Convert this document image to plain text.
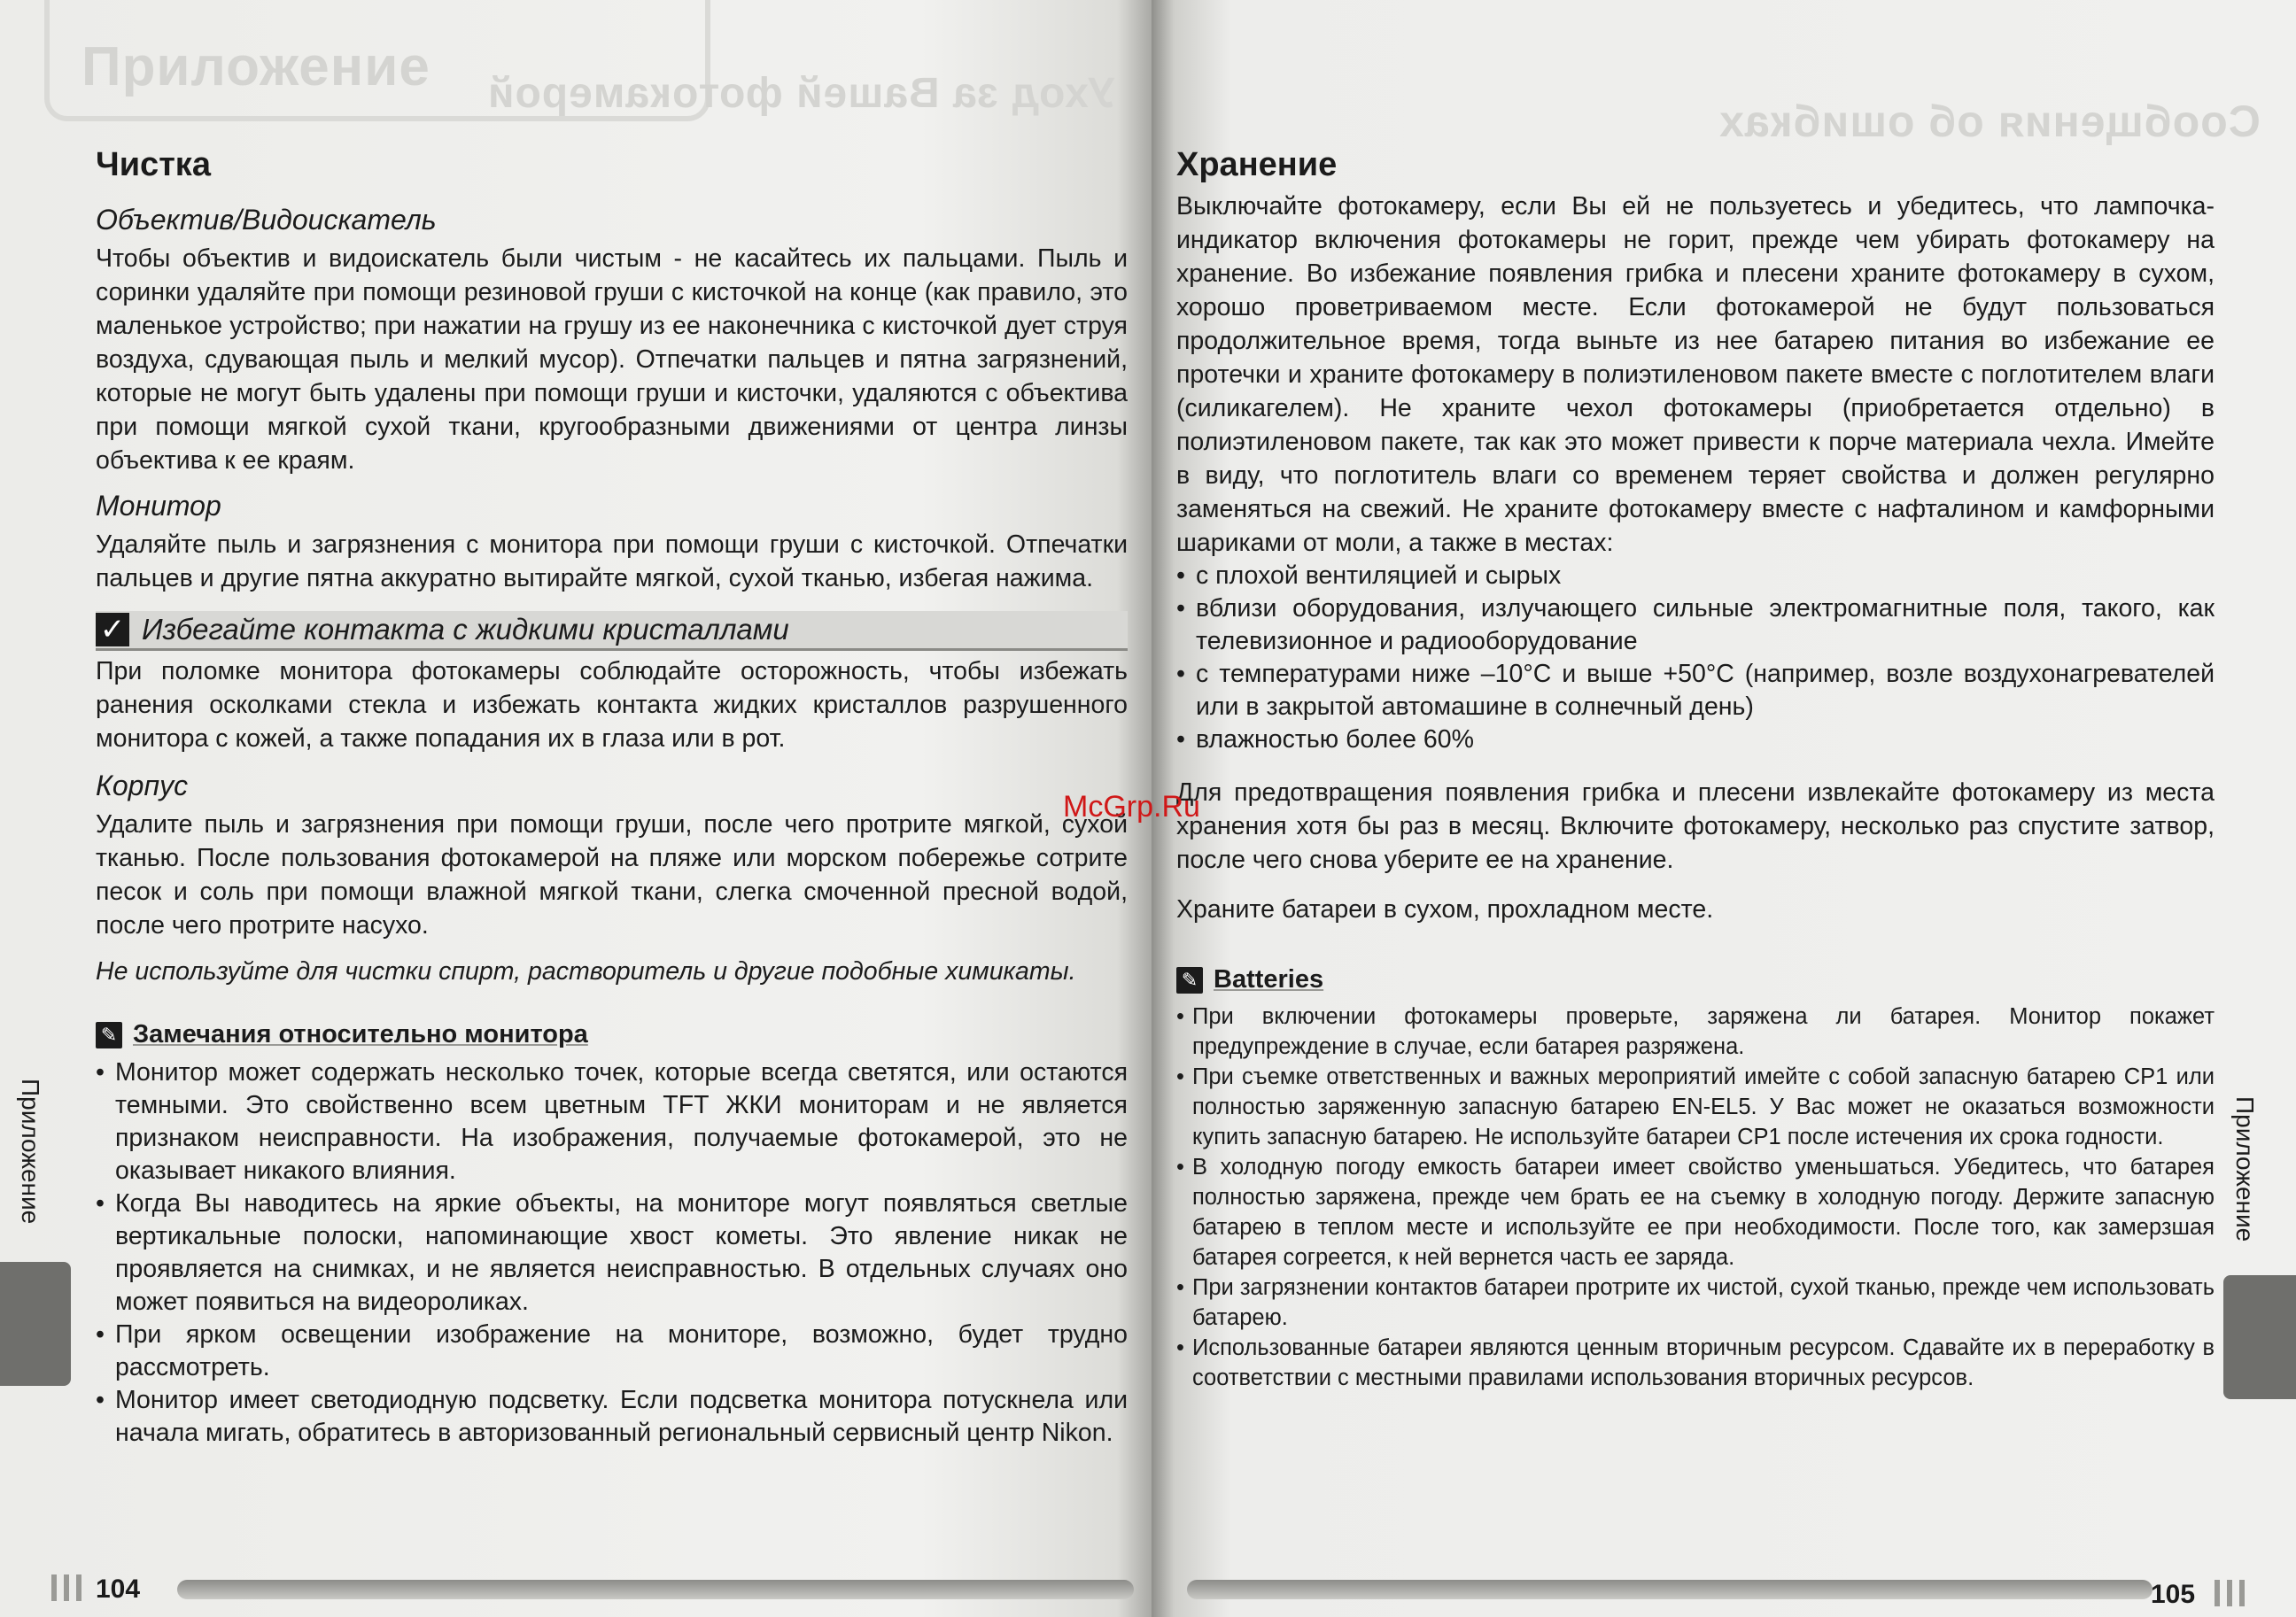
Приложение Уход за Вашей фотокамерой
Чистка
Объектив/Видоискатель

Чтобы объектив и видоискатель были чистым - не касайтесь их пальцами. Пыль и соринки удаляйте при помощи резиновой груши с кисточкой на конце (как правило, это маленькое устройство; при нажатии на грушу из ее наконечника с кисточкой дует струя воздуха, сдувающая пыль и мелкий мусор). Отпечатки пальцев и пятна загрязнений, которые не могут быть удалены при помощи груши и кисточки, удаляются с объектива при помощи мягкой сухой ткани, кругообразными движениями от центра линзы объектива к ее краям.

Монитор

Удаляйте пыль и загрязнения с монитора при помощи груши с кисточкой. Отпечатки пальцев и другие пятна аккуратно вытирайте мягкой, сухой тканью, избегая нажима.

✓ Избегайте контакта с жидкими кристаллами

При поломке монитора фотокамеры соблюдайте осторожность, чтобы избежать ранения осколками стекла и избежать контакта жидких кристаллов разрушенного монитора с кожей, а также попадания их в глаза или в рот.

Корпус

Удалите пыль и загрязнения при помощи груши, после чего протрите мягкой, сухой тканью. После пользования фотокамерой на пляже или морском побережье сотрите песок и соль при помощи влажной мягкой ткани, слегка смоченной пресной водой, после чего протрите насухо.

Не используйте для чистки спирт, растворитель и другие подобные химикаты.

✎ Замечания относительно монитора
• Монитор может содержать несколько точек, которые всегда светятся, или остаются темными. Это свойственно всем цветным TFT ЖКИ мониторам и не является признаком неисправности. На изображения, получаемые фотокамерой, это не оказывает никакого влияния.
• Когда Вы наводитесь на яркие объекты, на мониторе могут появляться светлые вертикальные полоски, напоминающие хвост кометы. Это явление никак не проявляется на снимках, и не является неисправностью. В отдельных случаях оно может появиться на видеороликах.
• При ярком освещении изображение на мониторе, возможно, будет трудно рассмотреть.
• Монитор имеет светодиодную подсветку. Если подсветка монитора потускнела или начала мигать, обратитесь в авторизованный региональный сервисный центр Nikon.
Приложение
104
Сообщения об ошибках
Хранение

Выключайте фотокамеру, если Вы ей не пользуетесь и убедитесь, что лампочка-индикатор включения фотокамеры не горит, прежде чем убирать фотокамеру на хранение. Во избежание появления грибка и плесени храните фотокамеру в сухом, хорошо проветриваемом месте. Если фотокамерой не будут пользоваться продолжительное время, тогда выньте из нее батарею питания во избежание ее протечки и храните фотокамеру в полиэтиленовом пакете вместе с поглотителем влаги (силикагелем). Не храните чехол фотокамеры (приобретается отдельно) в полиэтиленовом пакете, так как это может привести к порче материала чехла. Имейте в виду, что поглотитель влаги со временем теряет свойства и должен регулярно заменяться на свежий. Не храните фотокамеру вместе с нафталином и камфорными шариками от моли, а также в местах:

• с плохой вентиляцией и сырых
• вблизи оборудования, излучающего сильные электромагнитные поля, такого, как телевизионное и радиооборудование
• с температурами ниже –10°C и выше +50°C (например, возле воздухонагревателей или в закрытой автомашине в солнечный день)
• влажностью более 60%

Для предотвращения появления грибка и плесени извлекайте фотокамеру из места хранения хотя бы раз в месяц. Включите фотокамеру, несколько раз спустите затвор, после чего снова уберите ее на хранение.

Храните батареи в сухом, прохладном месте.

✎ Batteries
• При включении фотокамеры проверьте, заряжена ли батарея. Монитор покажет предупреждение в случае, если батарея разряжена.
• При съемке ответственных и важных мероприятий имейте с собой запасную батарею CP1 или полностью заряженную запасную батарею EN-EL5. У Вас может не оказаться возможности купить запасную батарею. Не используйте батареи CP1 после истечения их срока годности.
• В холодную погоду емкость батареи имеет свойство уменьшаться. Убедитесь, что батарея полностью заряжена, прежде чем брать ее на съемку в холодную погоду. Держите запасную батарею в теплом месте и используйте ее при необходимости. После того, как замерзшая батарея согреется, к ней вернется часть ее заряда.
• При загрязнении контактов батареи протрите их чистой, сухой тканью, прежде чем использовать батарею.
• Использованные батареи являются ценным вторичным ресурсом. Сдавайте их в переработку в соответствии с местными правилами использования вторичных ресурсов.
Приложение
105
McGrp.Ru
